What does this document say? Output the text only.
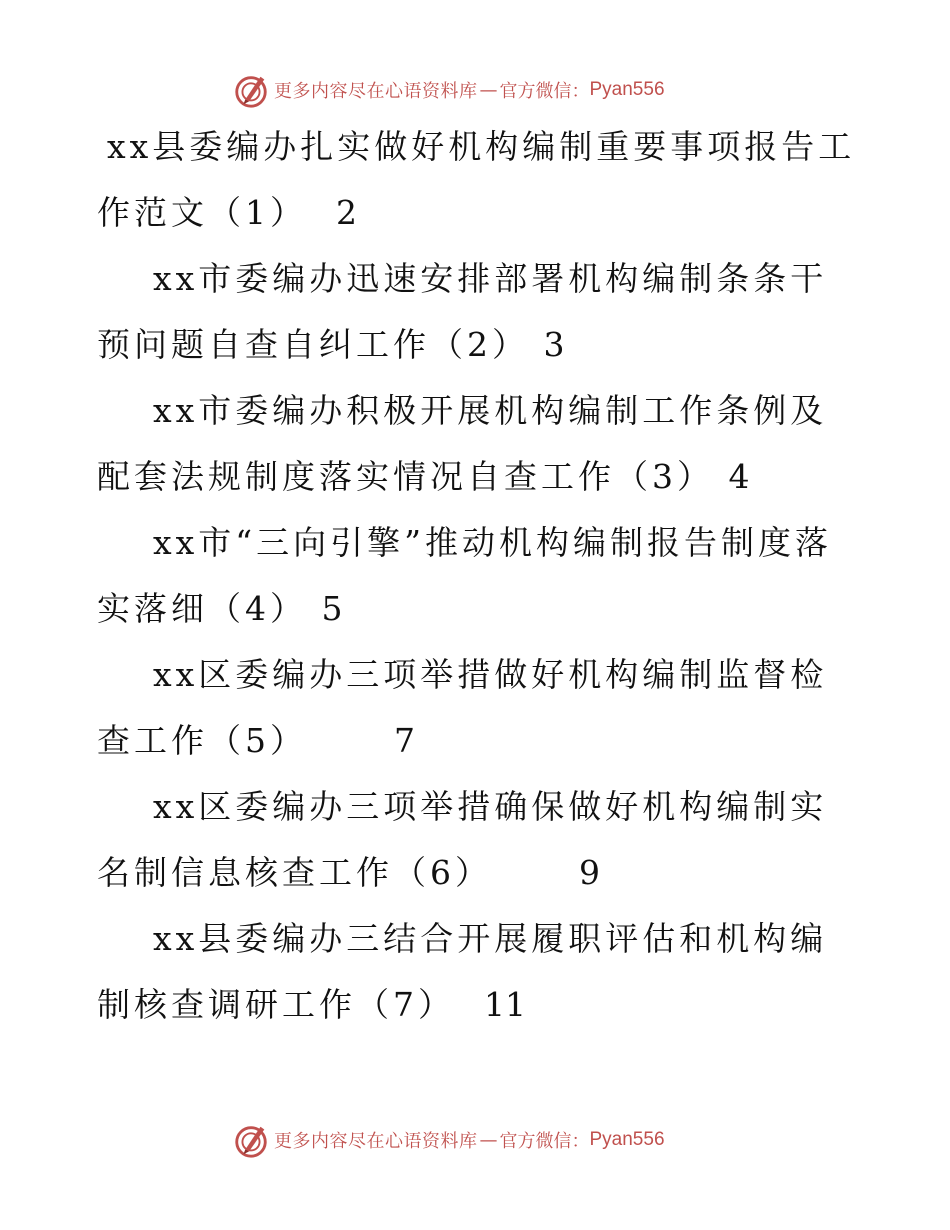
更多内容尽在心语资料库 — 官方微信： Pyan556
xx县委编办扎实做好机构编制重要事项报告工作范文（1） 2
xx市委编办迅速安排部署机构编制条条干预问题自查自纠工作（2） 3
xx市委编办积极开展机构编制工作条例及配套法规制度落实情况自查工作（3） 4
xx市“三向引擎”推动机构编制报告制度落实落细（4） 5
xx区委编办三项举措做好机构编制监督检查工作（5）	7
xx区委编办三项举措确保做好机构编制实名制信息核查工作（6）	9
xx县委编办三结合开展履职评估和机构编制核查调研工作（7） 11
更多内容尽在心语资料库 — 官方微信： Pyan556
